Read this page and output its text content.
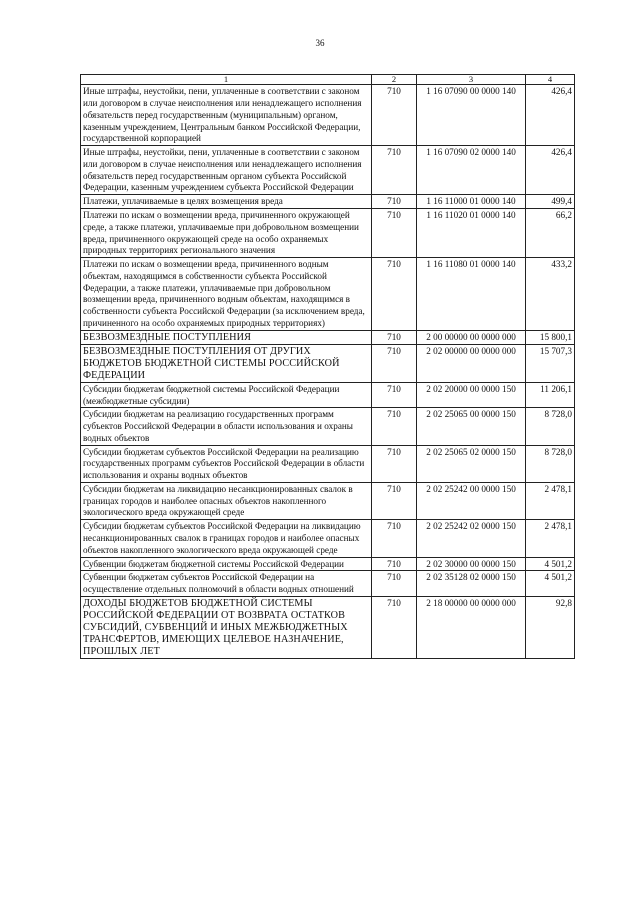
36
1	2	3	4
Иные штрафы, неустойки, пени, уплаченные в соответствии с законом или договором в случае неисполнения или ненадлежащего исполнения обязательств перед государственным (муниципальным) органом, казенным учреждением, Центральным банком Российской Федерации, государственной корпорацией	710	1 16 07090 00 0000 140	426,4
Иные штрафы, неустойки, пени, уплаченные в соответствии с законом или договором в случае неисполнения или ненадлежащего исполнения обязательств перед государственным органом субъекта Российской Федерации, казенным учреждением субъекта Российской Федерации	710	1 16 07090 02 0000 140	426,4
Платежи, уплачиваемые в целях возмещения вреда	710	1 16 11000 01 0000 140	499,4
Платежи по искам о возмещении вреда, причиненного окружающей среде, а также платежи, уплачиваемые при добровольном возмещении вреда, причиненного окружающей среде на особо охраняемых природных территориях регионального значения	710	1 16 11020 01 0000 140	66,2
Платежи по искам о возмещении вреда, причиненного водным объектам, находящимся в собственности субъекта Российской Федерации, а также платежи, уплачиваемые при добровольном возмещении вреда, причиненного водным объектам, находящимся в собственности субъекта Российской Федерации (за исключением вреда, причиненного на особо охраняемых природных территориях)	710	1 16 11080 01 0000 140	433,2
БЕЗВОЗМЕЗДНЫЕ ПОСТУПЛЕНИЯ	710	2 00 00000 00 0000 000	15 800,1
БЕЗВОЗМЕЗДНЫЕ ПОСТУПЛЕНИЯ ОТ ДРУГИХ БЮДЖЕТОВ БЮДЖЕТНОЙ СИСТЕМЫ РОССИЙСКОЙ ФЕДЕРАЦИИ	710	2 02 00000 00 0000 000	15 707,3
Субсидии бюджетам бюджетной системы Российской Федерации (межбюджетные субсидии)	710	2 02 20000 00 0000 150	11 206,1
Субсидии бюджетам на реализацию государственных программ субъектов Российской Федерации в области использования и охраны водных объектов	710	2 02 25065 00 0000 150	8 728,0
Субсидии бюджетам субъектов Российской Федерации на реализацию государственных программ субъектов Российской Федерации в области использования и охраны водных объектов	710	2 02 25065 02 0000 150	8 728,0
Субсидии бюджетам на ликвидацию несанкционированных свалок в границах городов и наиболее опасных объектов накопленного экологического вреда окружающей среде	710	2 02 25242 00 0000 150	2 478,1
Субсидии бюджетам субъектов Российской Федерации на ликвидацию несанкционированных свалок в границах городов и наиболее опасных объектов накопленного экологического вреда окружающей среде	710	2 02 25242 02 0000 150	2 478,1
Субвенции бюджетам бюджетной системы Российской Федерации	710	2 02 30000 00 0000 150	4 501,2
Субвенции бюджетам субъектов Российской Федерации на осуществление отдельных полномочий в области водных отношений	710	2 02 35128 02 0000 150	4 501,2
ДОХОДЫ БЮДЖЕТОВ БЮДЖЕТНОЙ СИСТЕМЫ РОССИЙСКОЙ ФЕДЕРАЦИИ ОТ ВОЗВРАТА ОСТАТКОВ СУБСИДИЙ, СУБВЕНЦИЙ И ИНЫХ МЕЖБЮДЖЕТНЫХ ТРАНСФЕРТОВ, ИМЕЮЩИХ ЦЕЛЕВОЕ НАЗНАЧЕНИЕ, ПРОШЛЫХ ЛЕТ	710	2 18 00000 00 0000 000	92,8
